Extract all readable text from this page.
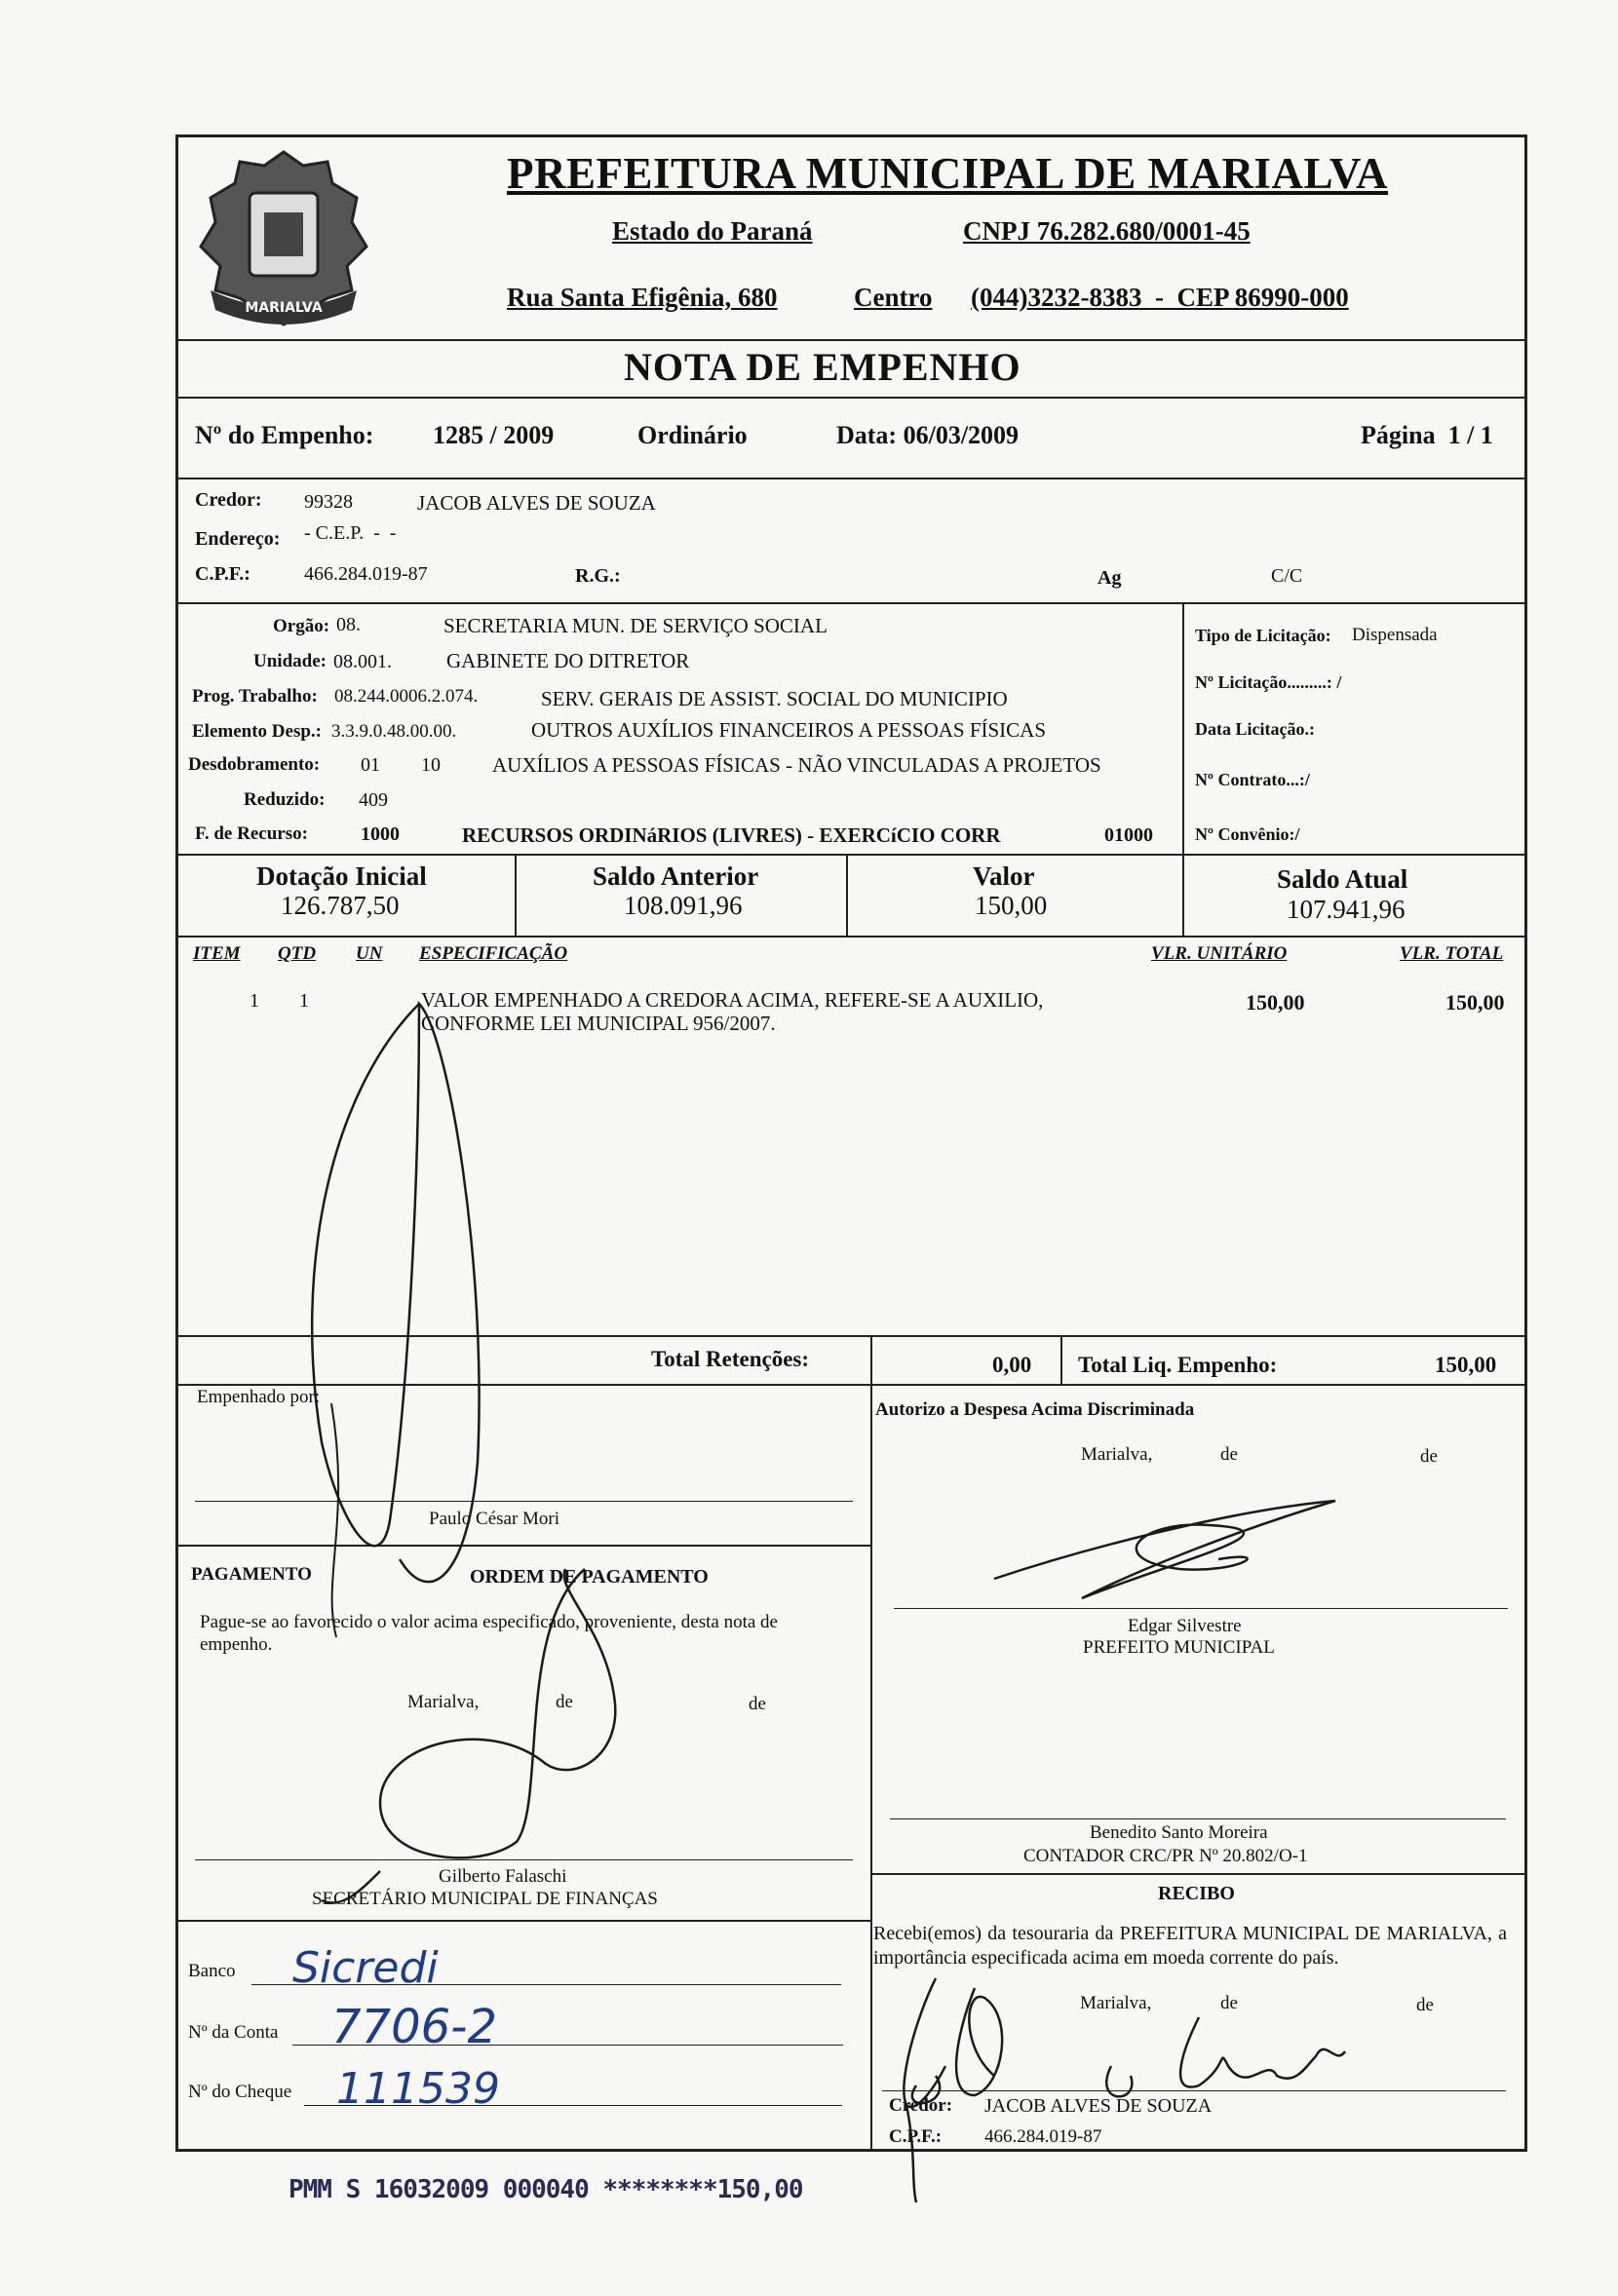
MARIALVA
PREFEITURA MUNICIPAL DE MARIALVA
Estado do Paraná	CNPJ 76.282.680/0001-45
Rua Santa Efigênia, 680	Centro (044)3232-8383  -  CEP 86990-000
NOTA DE EMPENHO
Nº do Empenho: 1285 / 2009	Ordinário	Data: 06/03/2009	Página  1 / 1
Credor: 99328	JACOB ALVES DE SOUZA
Endereço: - C.E.P.  -  -
C.P.F.:	466.284.019-87	R.G.:	Ag	C/C
Orgão: 08.	SECRETARIA MUN. DE SERVIÇO SOCIAL
Unidade: 08.001.	GABINETE DO DITRETOR
Prog. Trabalho: 08.244.0006.2.074.	SERV. GERAIS DE ASSIST. SOCIAL DO MUNICIPIO
Elemento Desp.: 3.3.9.0.48.00.00.	OUTROS AUXÍLIOS FINANCEIROS A PESSOAS FÍSICAS
Desdobramento: 01 10	AUXÍLIOS A PESSOAS FÍSICAS - NÃO VINCULADAS A PROJETOS
Reduzido: 409
F. de Recurso:	1000	RECURSOS ORDINáRIOS (LIVRES) - EXERCíCIO CORR	01000
Tipo de Licitação: Dispensada
Nº Licitação.........: /
Data Licitação.:
Nº Contrato...:/
Nº Convênio:/
Dotação Inicial
126.787,50
Saldo Anterior
108.091,96
Valor
150,00
Saldo Atual
107.941,96
ITEM QTD UN ESPECIFICAÇÃO	VLR. UNITÁRIO	VLR. TOTAL
1 1	VALOR EMPENHADO A CREDORA ACIMA, REFERE-SE A AUXILIO,
CONFORME LEI MUNICIPAL 956/2007.
150,00	150,00
Total Retenções:	0,00 Total Liq. Empenho:	150,00
Empenhado por:
Paulo César Mori
Autorizo a Despesa Acima Discriminada
Marialva,	de	de
Edgar Silvestre
PREFEITO MUNICIPAL
PAGAMENTO	ORDEM DE PAGAMENTO
Pague-se ao favorecido o valor acima especificado, proveniente, desta nota de empenho.
Marialva,	de	de
Gilberto Falaschi
SECRETÁRIO MUNICIPAL DE FINANÇAS
Benedito Santo Moreira
CONTADOR CRC/PR Nº 20.802/O-1
RECIBO
Recebi(emos) da tesouraria da PREFEITURA MUNICIPAL DE MARIALVA, a importância especificada acima em moeda corrente do país.
Marialva,	de	de
Credor: JACOB ALVES DE SOUZA
C.P.F.: 466.284.019-87
Banco Sicredi
Nº da Conta 7706-2
Nº do Cheque 111539
PMM S 16032009 000040 ********150,00
